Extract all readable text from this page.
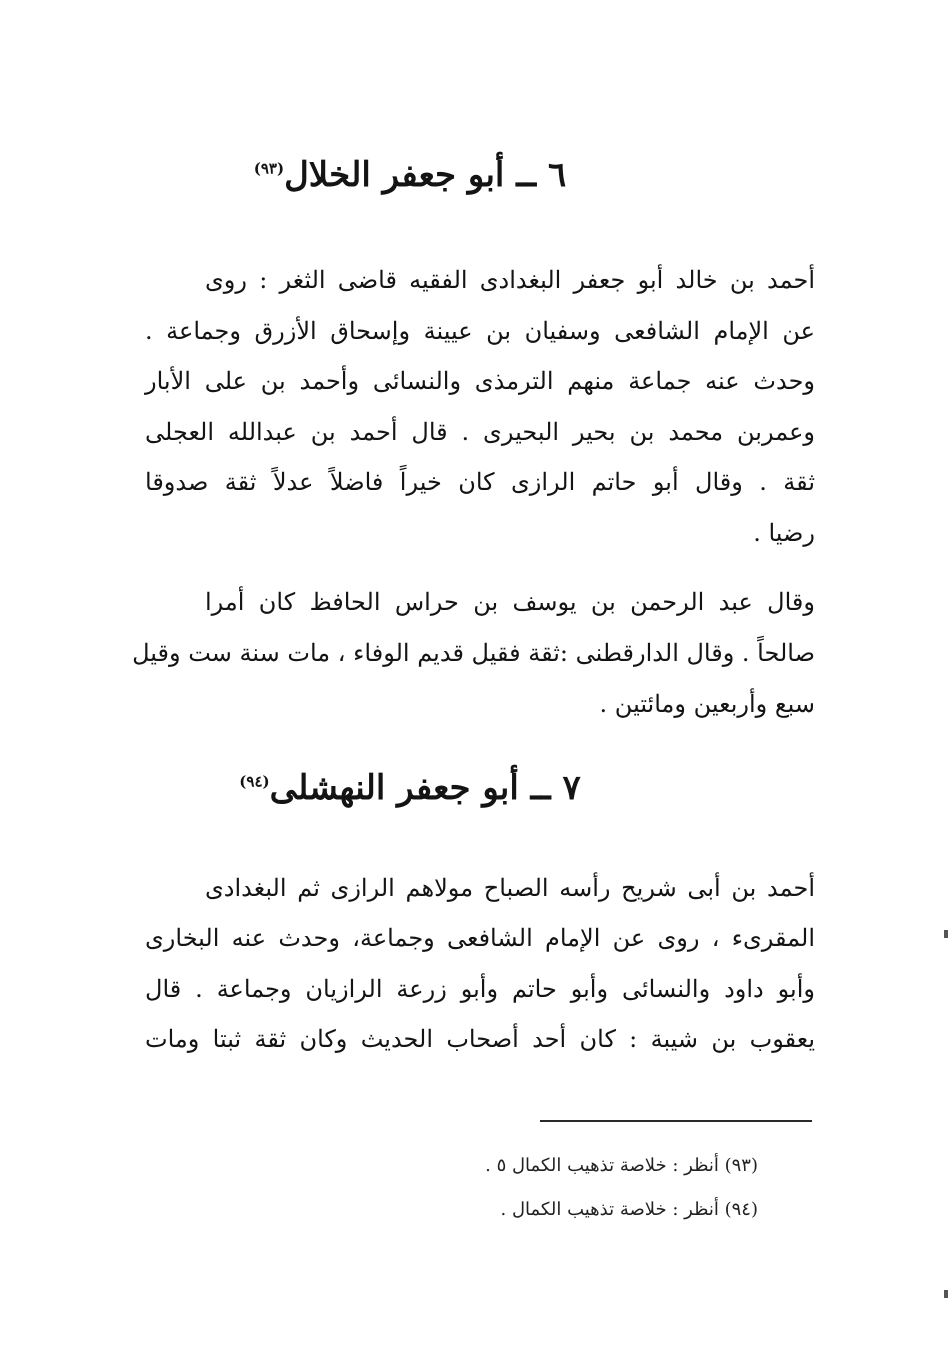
٦ ــ أبو جعفر الخلال$^{(٩٣)}$
أحمد بن خالد أبو جعفر البغدادى الفقيه قاضى الثغر : روى
عن الإمام الشافعى وسفيان بن عيينة وإسحاق الأزرق وجماعة .
وحدث عنه جماعة منهم الترمذى والنسائى وأحمد بن على الأبار
وعمربن محمد بن بحير البحيرى . قال أحمد بن عبدالله العجلى
ثقة . وقال أبو حاتم الرازى كان خيراً فاضلاً عدلاً ثقة صدوقا
رضيا .
وقال عبد الرحمن بن يوسف بن حراس الحافظ كان أمرا
صالحاً . وقال الدارقطنى :ثقة فقيل قديم الوفاء ، مات سنة ست وقيل
سبع وأربعين ومائتين .
٧ ــ أبو جعفر النهشلى$^{(٩٤)}$
أحمد بن أبى شريح رأسه الصباح مولاهم الرازى ثم البغدادى
المقرىء ، روى عن الإمام الشافعى وجماعة، وحدث عنه البخارى
وأبو داود والنسائى وأبو حاتم وأبو زرعة الرازيان وجماعة . قال
يعقوب بن شيبة : كان أحد أصحاب الحديث وكان ثقة ثبتا ومات
(٩٣) أنظر : خلاصة تذهيب الكمال ٥ .
(٩٤) أنظر : خلاصة تذهيب الكمال .
